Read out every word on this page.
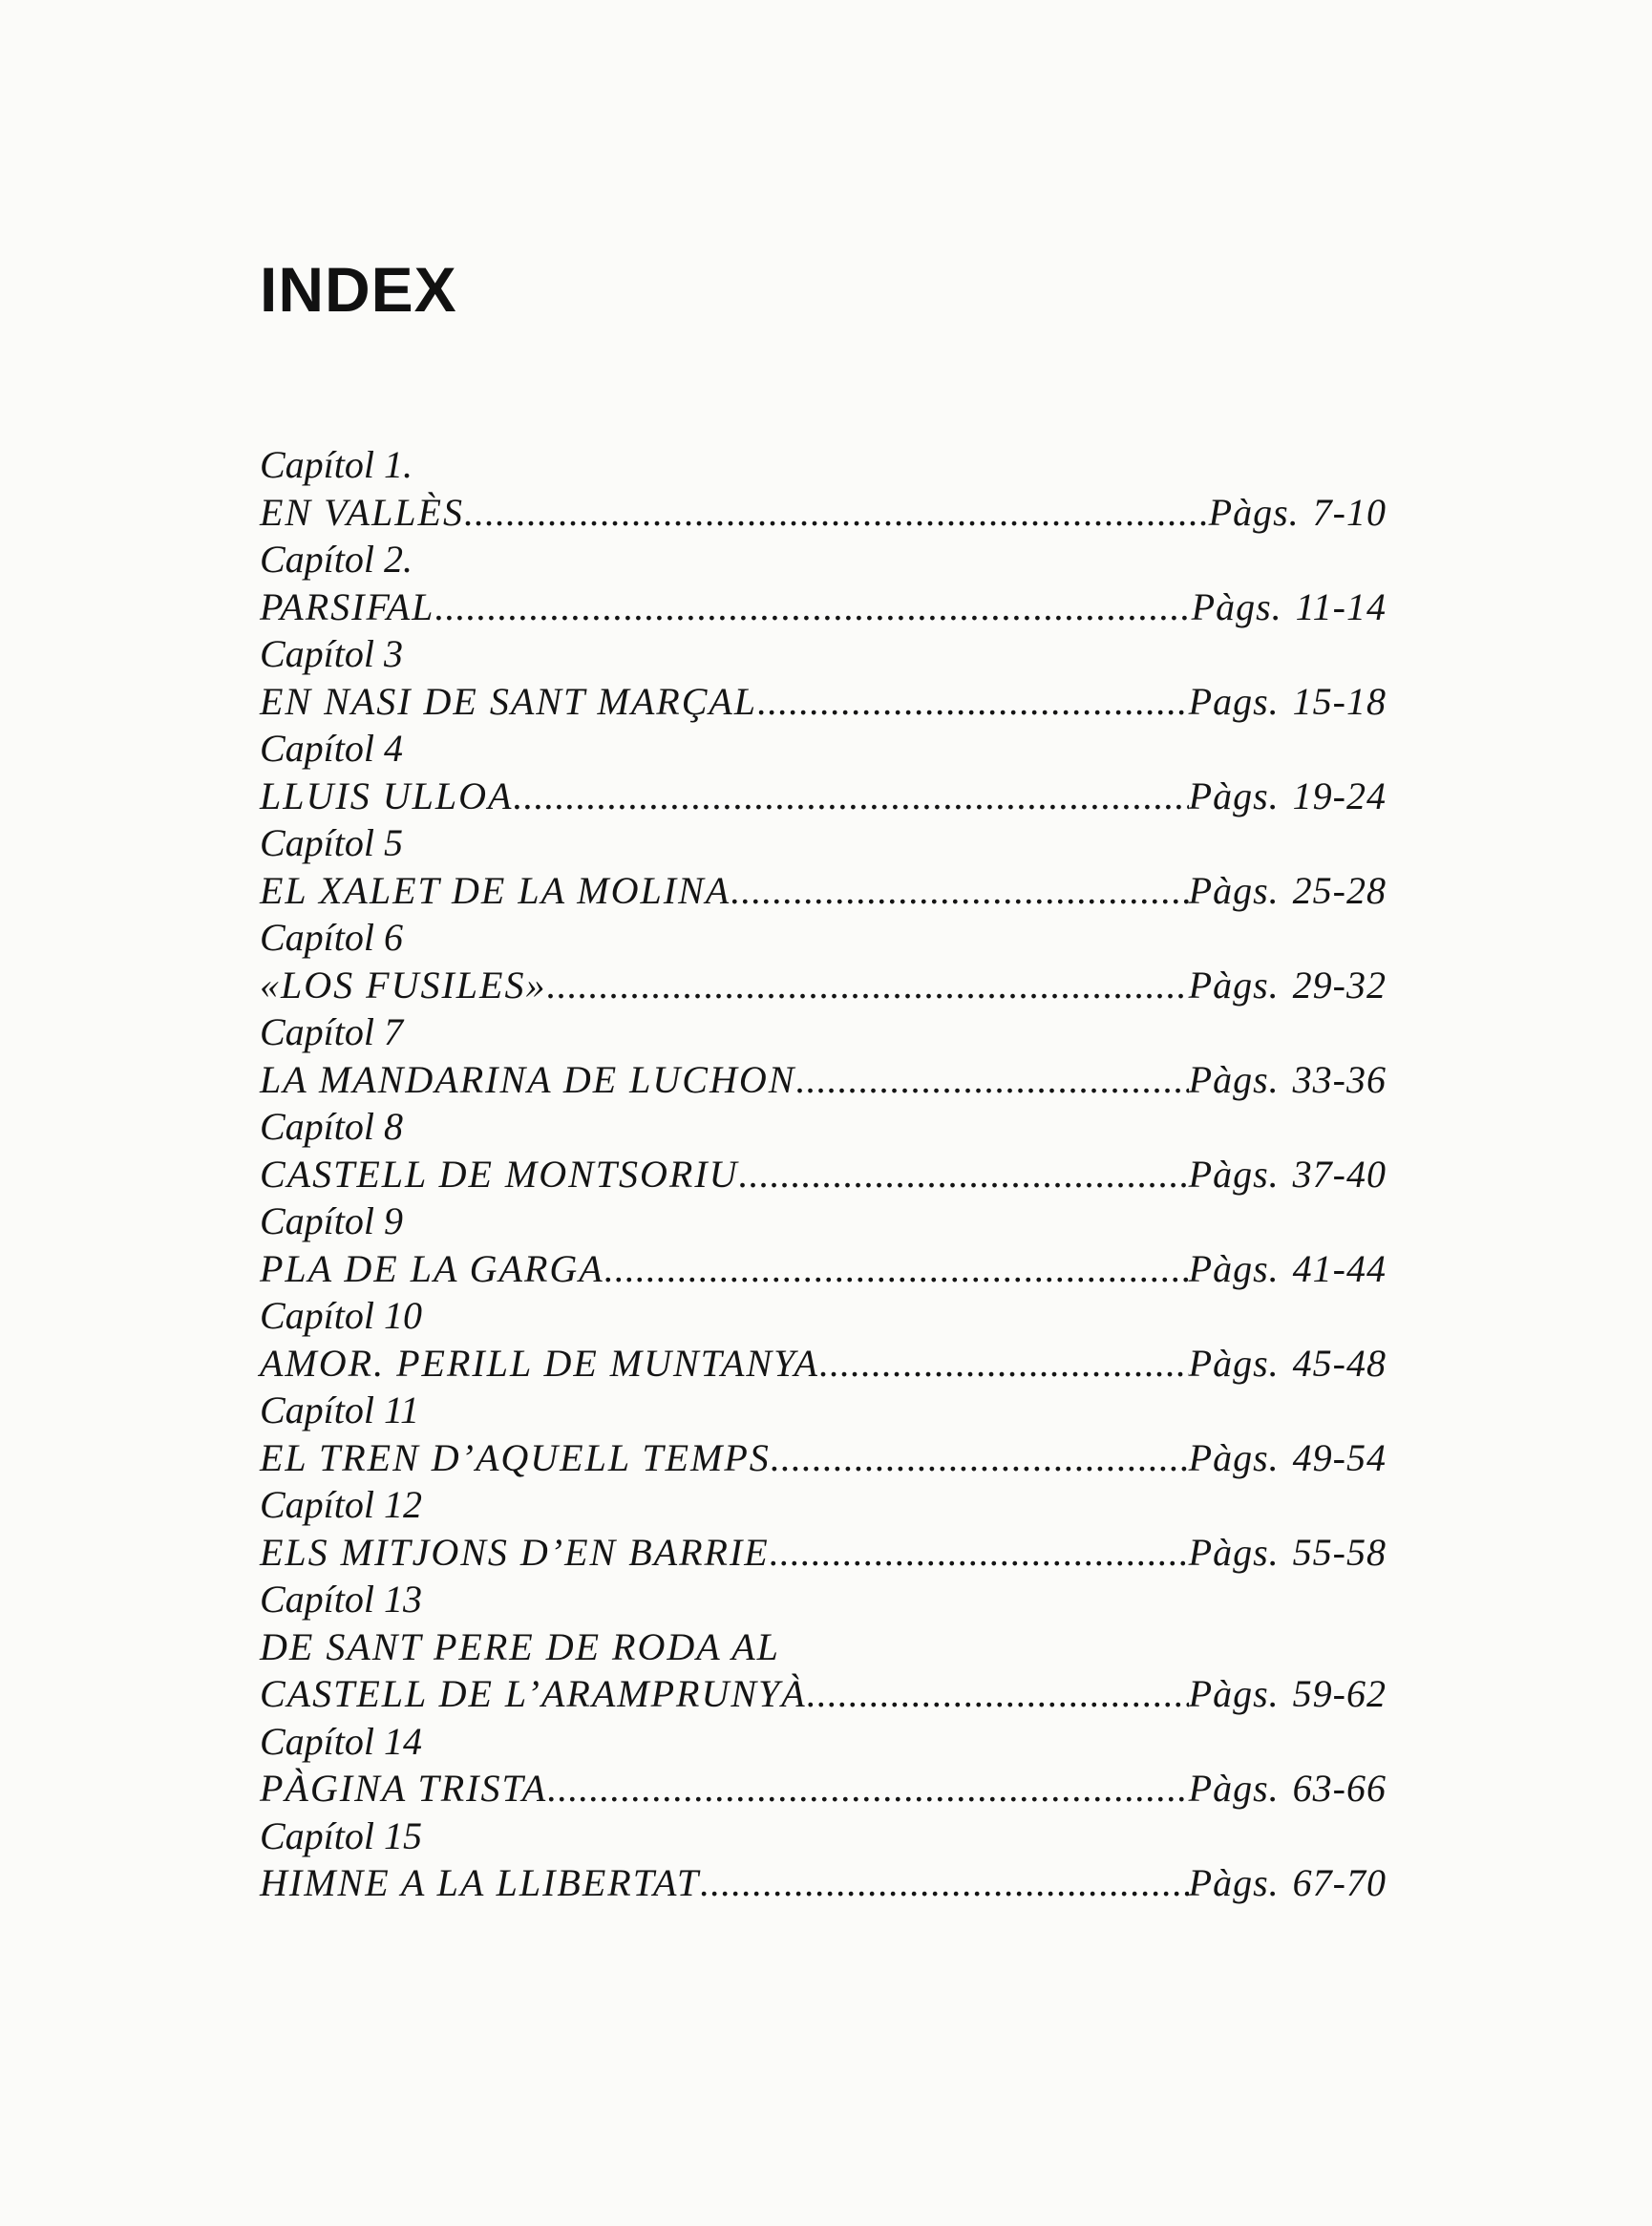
INDEX
Capítol 1.
EN VALLÈS .....	Pàgs. 7-10
Capítol 2.
PARSIFAL .....	Pàgs. 11-14
Capítol 3
EN NASI DE SANT MARÇAL .....	Pags. 15-18
Capítol 4
LLUIS ULLOA .....	Pàgs. 19-24
Capítol 5
EL XALET DE LA MOLINA .....	Pàgs. 25-28
Capítol 6
«LOS FUSILES» .....	Pàgs. 29-32
Capítol 7
LA MANDARINA DE LUCHON .....	Pàgs. 33-36
Capítol 8
CASTELL DE MONTSORIU .....	Pàgs. 37-40
Capítol 9
PLA DE LA GARGA .....	Pàgs. 41-44
Capítol 10
AMOR. PERILL DE MUNTANYA .....	Pàgs. 45-48
Capítol 11
EL TREN D’AQUELL TEMPS .....	Pàgs. 49-54
Capítol 12
ELS MITJONS D’EN BARRIE .....	Pàgs. 55-58
Capítol 13
DE SANT PERE DE RODA AL
CASTELL DE L’ARAMPRUNYÀ .....	Pàgs. 59-62
Capítol 14
PÀGINA TRISTA .....	Pàgs. 63-66
Capítol 15
HIMNE A LA LLIBERTAT .....	Pàgs. 67-70
